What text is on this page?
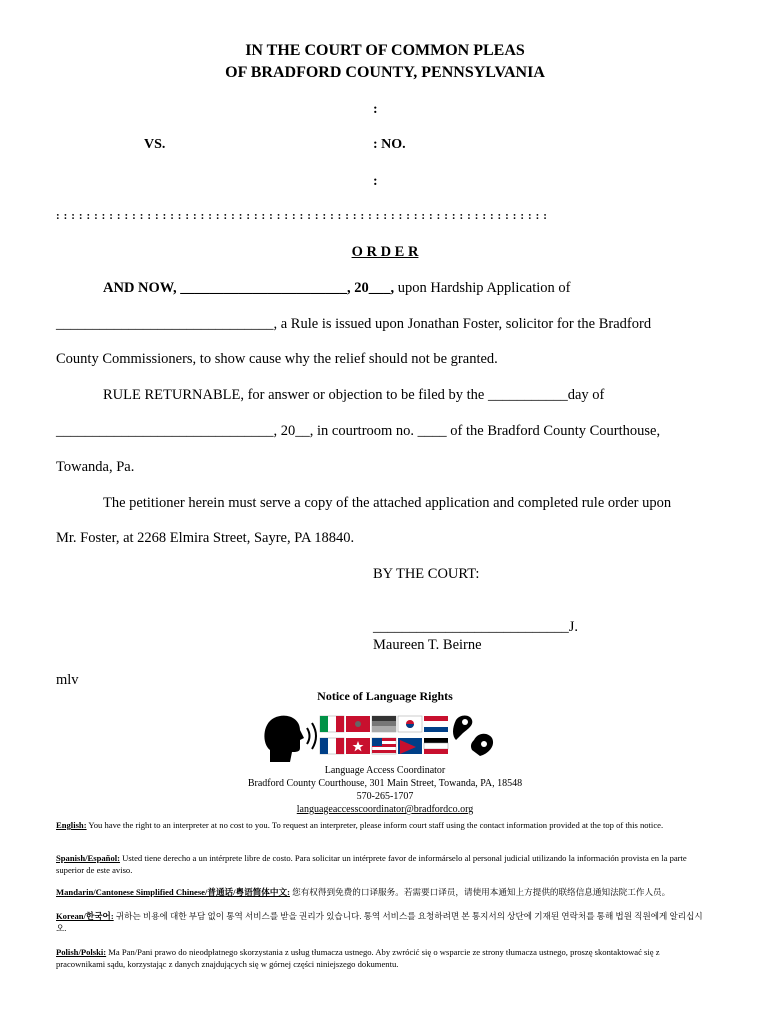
IN THE COURT OF COMMON PLEAS
OF BRADFORD COUNTY, PENNSYLVANIA
:
VS.	: NO.
:
: : : : : : : : : : : : : : : : : : : : : : : : : : : : : : : : : : : : : : : : : : : : : : : : : : : : : : : : : : : : : : : : :
O R D E R
AND NOW, _______________________, 20___, upon Hardship Application of
______________________________, a Rule is issued upon Jonathan Foster, solicitor for the Bradford
County Commissioners, to show cause why the relief should not be granted.
RULE RETURNABLE, for answer or objection to be filed by the ___________day of
______________________________, 20__, in courtroom no. ____ of the Bradford County Courthouse,
Towanda, Pa.
The petitioner herein must serve a copy of the attached application and completed rule order upon
Mr. Foster, at 2268 Elmira Street, Sayre, PA 18840.
BY THE COURT:
___________________________J.
Maureen T. Beirne
mlv
Notice of Language Rights
Language Access Coordinator
Bradford County Courthouse, 301 Main Street, Towanda, PA, 18548
570-265-1707
languageaccesscoordinator@bradfordco.org
English: You have the right to an interpreter at no cost to you. To request an interpreter, please inform court staff using the contact information provided at the top of this notice.
Spanish/Español: Usted tiene derecho a un intérprete libre de costo. Para solicitar un intérprete favor de informárselo al personal judicial utilizando la información provista en la parte superior de este aviso.
Mandarin/Cantonese Simplified Chinese/普通话/粤语简体中文: 您有权得到免费的口译服务。若需要口译员，请使用本通知上方提供的联络信息通知法院工作人员。
Korean/한국어: 귀하는 비용에 대한 부담 없이 통역 서비스를 받을 권리가 있습니다. 통역 서비스를 요청하려면 본 통지서의 상단에 기재된 연락처를 통해 법원 직원에게 알리십시오.
Polish/Polski: Ma Pan/Pani prawo do nieodpłatnego skorzystania z usług tłumacza ustnego. Aby zwrócić się o wsparcie ze strony tłumacza ustnego, proszę skontaktować się z pracownikami sądu, korzystając z danych znajdujących się w górnej części niniejszego dokumentu.
